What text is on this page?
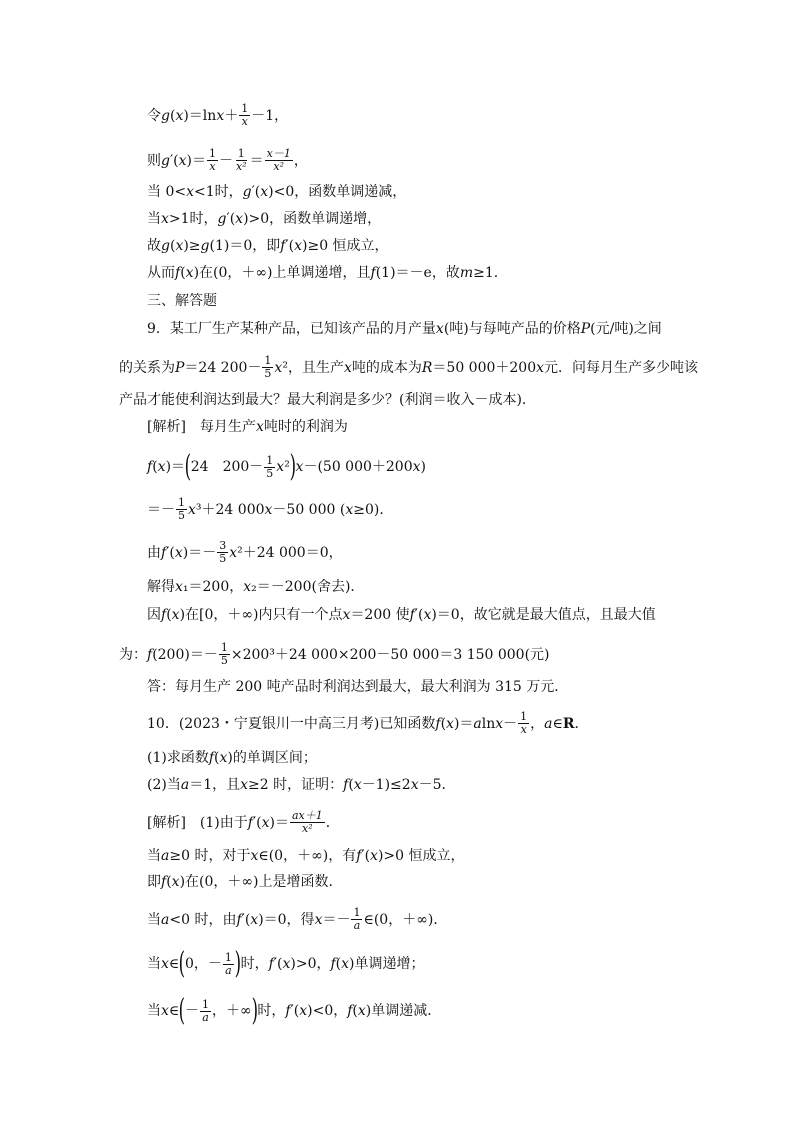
令 g ( x )＝ln $x + \frac{1}{x} -1$，
则 g ′( x )＝ $\frac{1}{x} - \frac{1}{\text{x²}} = \frac{x-1}{\text{x²}}$ ，
当 0< x <1时， g ′( x )<0，函数单调递减，
当 x >1时， g ′( x )>0，函数单调递增，
故 g ( x )≥ g (1)＝0，即 f ′( x )≥0 恒成立，
从而 f ( x )在(0，＋∞)上单调递增，且 f (1)＝－e，故 m ≥1.
三、解答题
9．某工厂生产某种产品，已知该产品的月产量 x (吨)与每吨产品的价格 P (元/吨)之间
的关系为 P ＝24 $200- \frac{1}{5}$ x ²，且生产 x 吨的成本为 R ＝50 000＋200 x 元．问每月生产多少吨该
产品才能使利润达到最大？最大利润是多少？(利润＝收入－成本)．
[解析]　每月生产 x 吨时的利润为
f ( x )＝ ( 24　$200- \frac{1}{5}$ x ² ) x －(50 000＋200 x )
＝－ $\frac{1}{5}$ x ³＋24 000 x －50 000 ( x ≥0)．
由 f ′( x )＝－ $\frac{3}{5}$ x ²＋24 000＝0，
解得 x ₁＝200， x ₂＝－200(舍去)．
因 f ( x )在[0，＋∞)内只有一个点 x ＝200 使 f ′( x )＝0，故它就是最大值点，且最大值
为： f $(200)=- \frac{1}{5} \times 200^3+24$ 000×200－50 000＝3 150 000(元)
答：每月生产 200 吨产品时利润达到最大，最大利润为 315 万元．
10．(2023・宁夏银川一中高三月考)已知函数 f ( x )＝ a $\ln x - \frac{1}{x}$ ， a ∈ R ．
(1)求函数 f ( x )的单调区间；
(2)当 a ＝1，且 x ≥2 时，证明： f ( x －1)≤2 x －5．
[解析]　(1)由于 f ′( x )＝ $\frac{ax+1}{\text{x²}}$ ．
当 a ≥0 时，对于 x ∈(0，＋∞)，有 f ′( x )>0 恒成立，
即 f ( x )在(0，＋∞)上是增函数．
当 a <0 时，由 f ′( x )＝0，得 $x =- \frac{1}{a}$ ∈(0，＋∞)．
当 x ∈ ( 0，－ $\frac{1}{a}$ ) 时， f ′( x )>0， f ( x )单调递增；
当 x ∈ ( － $\frac{1}{a}$ ，＋∞ ) 时， f ′( x )<0， f ( x )单调递减．
